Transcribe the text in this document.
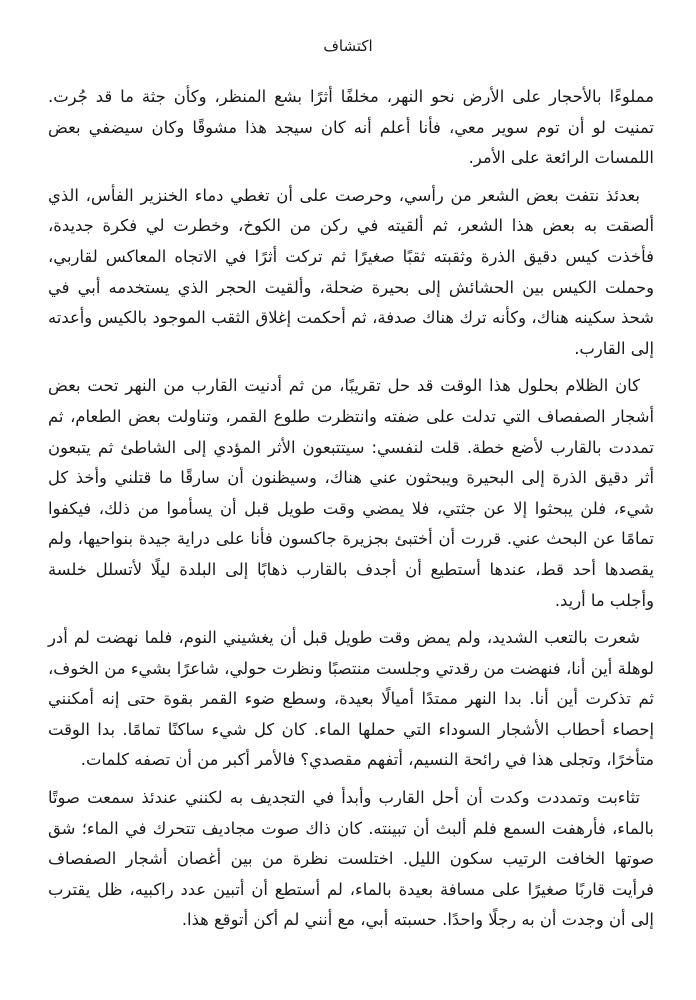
اكتشاف

مملوءًا بالأحجار على الأرض نحو النهر، مخلفًا أثرًا بشع المنظر، وكأن جثة ما قد جُرت. تمنيت لو أن توم سوير معي، فأنا أعلم أنه كان سيجد هذا مشوقًا وكان سيضفي بعض اللمسات الرائعة على الأمر.

بعدئذ نتفت بعض الشعر من رأسي، وحرصت على أن تغطي دماء الخنزير الفأس، الذي ألصقت به بعض هذا الشعر، ثم ألقيته في ركن من الكوخ، وخطرت لي فكرة جديدة، فأخذت كيس دقيق الذرة وثقبته ثقبًا صغيرًا ثم تركت أثرًا في الاتجاه المعاكس لقاربي، وحملت الكيس بين الحشائش إلى بحيرة ضحلة، وألقيت الحجر الذي يستخدمه أبي في شحذ سكينه هناك، وكأنه ترك هناك صدفة، ثم أحكمت إغلاق الثقب الموجود بالكيس وأعدته إلى القارب.

كان الظلام بحلول هذا الوقت قد حل تقريبًا، من ثم أدنيت القارب من النهر تحت بعض أشجار الصفصاف التي تدلت على ضفته وانتظرت طلوع القمر، وتناولت بعض الطعام، ثم تمددت بالقارب لأضع خطة. قلت لنفسي: سيتتبعون الأثر المؤدي إلى الشاطئ ثم يتبعون أثر دقيق الذرة إلى البحيرة ويبحثون عني هناك، وسيظنون أن سارقًا ما قتلني وأخذ كل شيء، فلن يبحثوا إلا عن جثتي، فلا يمضي وقت طويل قبل أن يسأموا من ذلك، فيكفوا تمامًا عن البحث عني. قررت أن أختبئ بجزيرة جاكسون فأنا على دراية جيدة بنواحيها، ولم يقصدها أحد قط، عندها أستطيع أن أجدف بالقارب ذهابًا إلى البلدة ليلًا لأتسلل خلسة وأجلب ما أريد.

شعرت بالتعب الشديد، ولم يمض وقت طويل قبل أن يغشيني النوم، فلما نهضت لم أدر لوهلة أين أنا، فنهضت من رقدتي وجلست منتصبًا ونظرت حولي، شاعرًا بشيء من الخوف، ثم تذكرت أين أنا. بدا النهر ممتدًا أميالًا بعيدة، وسطع ضوء القمر بقوة حتى إنه أمكنني إحصاء أحطاب الأشجار السوداء التي حملها الماء. كان كل شيء ساكنًا تمامًا. بدا الوقت متأخرًا، وتجلى هذا في رائحة النسيم، أتفهم مقصدي؟ فالأمر أكبر من أن تصفه كلمات.

تثاءبت وتمددت وكدت أن أحل القارب وأبدأ في التجديف به لكنني عندئذ سمعت صوتًا بالماء، فأرهفت السمع فلم ألبث أن تبينته. كان ذاك صوت مجاديف تتحرك في الماء؛ شق صوتها الخافت الرتيب سكون الليل. اختلست نظرة من بين أغصان أشجار الصفصاف فرأيت قاربًا صغيرًا على مسافة بعيدة بالماء، لم أستطع أن أتبين عدد راكبيه، ظل يقترب إلى أن وجدت أن به رجلًا واحدًا. حسبته أبي، مع أنني لم أكن أتوقع هذا.
